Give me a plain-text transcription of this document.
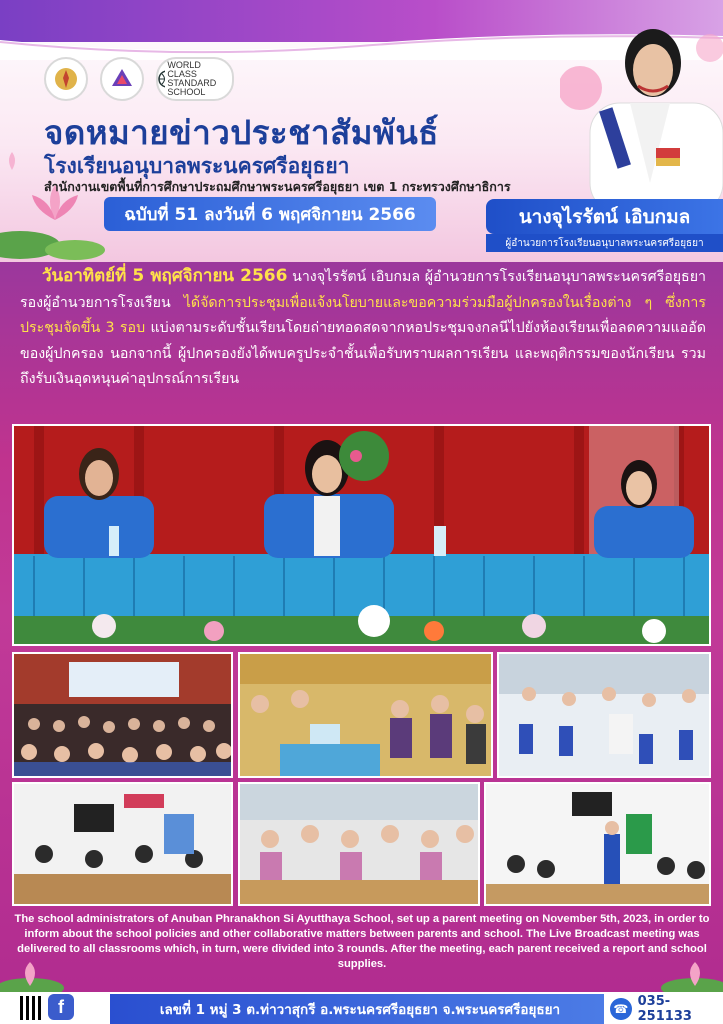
WORLD CLASS STANDARD SCHOOL
จดหมายข่าวประชาสัมพันธ์
โรงเรียนอนุบาลพระนครศรีอยุธยา
สำนักงานเขตพื้นที่การศึกษาประถมศึกษาพระนครศรีอยุธยา เขต 1 กระทรวงศึกษาธิการ
ฉบับที่ 51 ลงวันที่ 6 พฤศจิกายน 2566	นางจุไรรัตน์ เอิบกมล
ผู้อำนวยการโรงเรียนอนุบาลพระนครศรีอยุธยา
วันอาทิตย์ที่ 5 พฤศจิกายน 2566 นางจุไรรัตน์ เอิบกมล ผู้อำนวยการโรงเรียนอนุบาลพระนครศรีอยุธยา รองผู้อำนวยการโรงเรียน ได้จัดการประชุมเพื่อแจ้งนโยบายและขอความร่วมมือผู้ปกครองในเรื่องต่าง ๆ ซึ่งการประชุมจัดขึ้น 3 รอบ แบ่งตามระดับชั้นเรียนโดยถ่ายทอดสดจากหอประชุมจงกลนีไปยังห้องเรียนเพื่อลดความแออัดของผู้ปกครอง นอกจากนี้ ผู้ปกครองยังได้พบครูประจำชั้นเพื่อรับทราบผลการเรียน และพฤติกรรมของนักเรียน รวมถึงรับเงินอุดหนุนค่าอุปกรณ์การเรียน
The school administrators of Anuban Phranakhon Si Ayutthaya School, set up a parent meeting on November 5th, 2023, in order to inform about the school policies and other collaborative matters between parents and school. The Live Broadcast meeting was delivered to all classrooms which, in turn, were divided into 3 rounds. After the meeting, each parent received a report and school supplies.
f	เลขที่ 1 หมู่ 3 ต.ท่าวาสุกรี อ.พระนครศรีอยุธยา จ.พระนครศรีอยุธยา	☎ 035-251133
